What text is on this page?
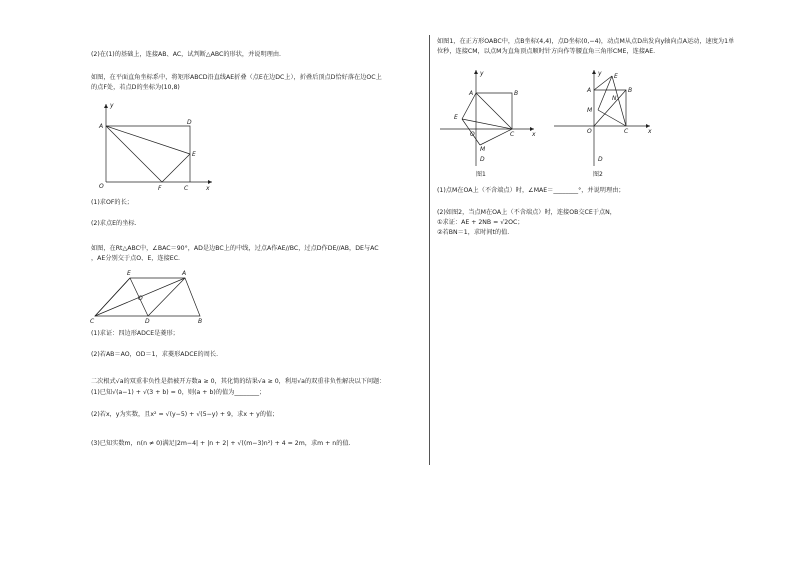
(2)在(1)的基础上，连接AB、AC，试判断△ABC的形状，并说明理由.
如图，在平面直角坐标系中，将矩形ABCD沿直线AE折叠（点E在边DC上），折叠后顶点D恰好落在边OC上
的点F处，若点D的坐标为(10,8)
y
x
O
A
D
E
F	C
(1)求OF的长；
(2)求点E的坐标.
如图，在Rt△ABC中，∠BAC＝90°，AD是边BC上的中线，过点A作AE//BC，过点D作DE//AB，DE与AC
，AE分别交于点O、E，连接EC.
E	A
O
C	D	B
(1)求证：四边形ADCE是菱形；
(2)若AB＝AO，OD＝1，求菱形ADCE的周长.
二次根式√a的双重非负性是指被开方数a ≥ 0，其化简的结果√a ≥ 0，利用√a的双重非负性解决以下问题：
(1)已知√(a−1) + √(3 + b) = 0，则(a + b)的值为________；
(2)若x，y为实数，且x² = √(y−5) + √(5−y) + 9，求x + y的值；
(3)已知实数m，n(n ≠ 0)满足|2m−4| + |n + 2| + √((m−3)n²) + 4 = 2m，求m + n的值.
如图1，在正方形OABC中，点B坐标(4,4)，点D坐标(0,−4)，动点M从点D出发向y轴向点A运动，速度为1单
位秒，连接CM，以点M为直角顶点顺时针方向作等腰直角三角形CME，连接AE.
y
x
A	B
E
O	C
M
D
图1
y
x
E
A
N
B
M
O	C
D
图2
(1)点M在OA上（不含端点）时，∠MAE＝________°，并说明理由；
(2)如图2，当点M在OA上（不含端点）时，连接OB交CE于点N，
①求证：AE + 2NB = √2OC；
②若BN＝1，求时间t的值.
